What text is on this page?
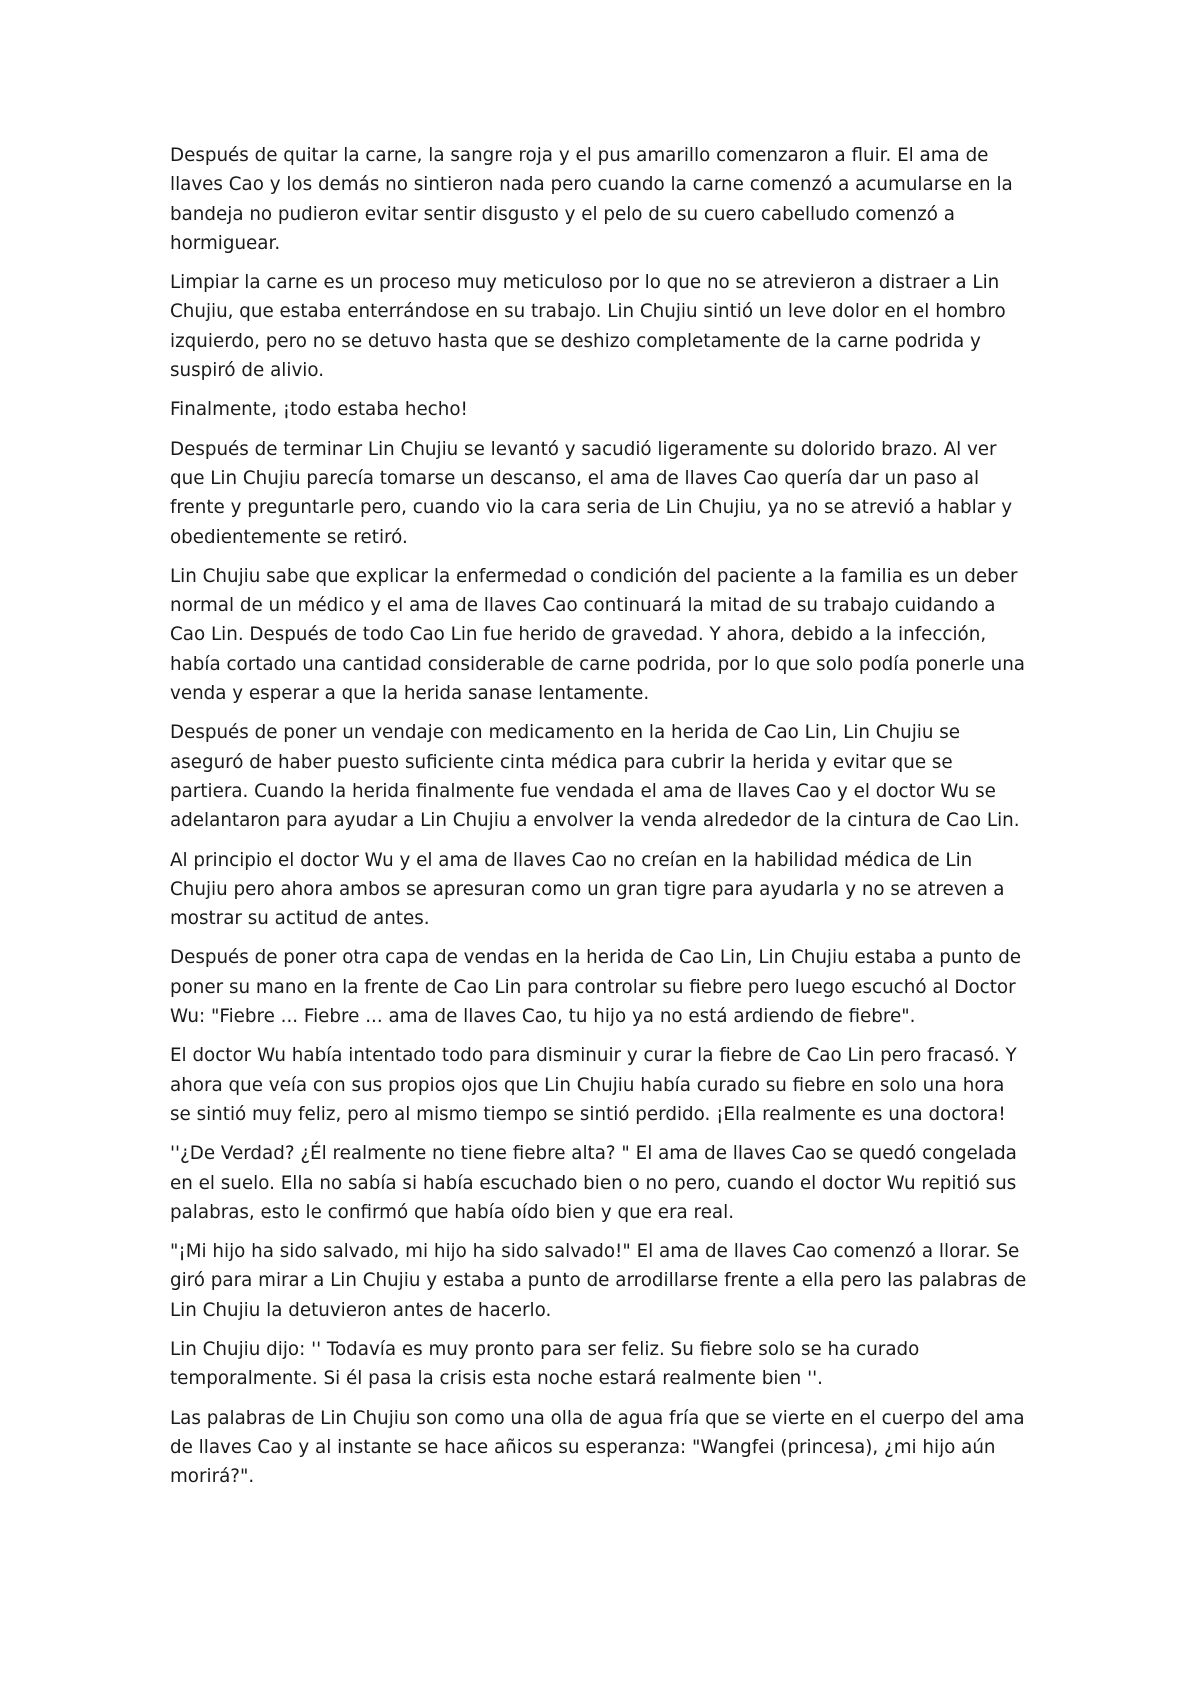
Después de quitar la carne, la sangre roja y el pus amarillo comenzaron a fluir. El ama de llaves Cao y los demás no sintieron nada pero cuando la carne comenzó a acumularse en la bandeja no pudieron evitar sentir disgusto y el pelo de su cuero cabelludo comenzó a hormiguear.

Limpiar la carne es un proceso muy meticuloso por lo que no se atrevieron a distraer a Lin Chujiu, que estaba enterrándose en su trabajo. Lin Chujiu sintió un leve dolor en el hombro izquierdo, pero no se detuvo hasta que se deshizo completamente de la carne podrida y suspiró de alivio.

Finalmente, ¡todo estaba hecho!

Después de terminar Lin Chujiu se levantó y sacudió ligeramente su dolorido brazo. Al ver que Lin Chujiu parecía tomarse un descanso, el ama de llaves Cao quería dar un paso al frente y preguntarle pero, cuando vio la cara seria de Lin Chujiu, ya no se atrevió a hablar y obedientemente se retiró.

Lin Chujiu sabe que explicar la enfermedad o condición del paciente a la familia es un deber normal de un médico y el ama de llaves Cao continuará la mitad de su trabajo cuidando a Cao Lin. Después de todo Cao Lin fue herido de gravedad. Y ahora, debido a la infección, había cortado una cantidad considerable de carne podrida, por lo que solo podía ponerle una venda y esperar a que la herida sanase lentamente.

Después de poner un vendaje con medicamento en la herida de Cao Lin, Lin Chujiu se aseguró de haber puesto suficiente cinta médica para cubrir la herida y evitar que se partiera. Cuando la herida finalmente fue vendada el ama de llaves Cao y el doctor Wu se adelantaron para ayudar a Lin Chujiu a envolver la venda alrededor de la cintura de Cao Lin.

Al principio el doctor Wu y el ama de llaves Cao no creían en la habilidad médica de Lin Chujiu pero ahora ambos se apresuran como un gran tigre para ayudarla y no se atreven a mostrar su actitud de antes.

Después de poner otra capa de vendas en la herida de Cao Lin, Lin Chujiu estaba a punto de poner su mano en la frente de Cao Lin para controlar su fiebre pero luego escuchó al Doctor Wu: "Fiebre ... Fiebre ... ama de llaves Cao, tu hijo ya no está ardiendo de fiebre".

El doctor Wu había intentado todo para disminuir y curar la fiebre de Cao Lin pero fracasó. Y ahora que veía con sus propios ojos que Lin Chujiu había curado su fiebre en solo una hora se sintió muy feliz, pero al mismo tiempo se sintió perdido. ¡Ella realmente es una doctora!

''¿De Verdad? ¿Él realmente no tiene fiebre alta? " El ama de llaves Cao se quedó congelada en el suelo. Ella no sabía si había escuchado bien o no pero, cuando el doctor Wu repitió sus palabras, esto le confirmó que había oído bien y que era real.

"¡Mi hijo ha sido salvado, mi hijo ha sido salvado!" El ama de llaves Cao comenzó a llorar. Se giró para mirar a Lin Chujiu y estaba a punto de arrodillarse frente a ella pero las palabras de Lin Chujiu la detuvieron antes de hacerlo.

Lin Chujiu dijo: '' Todavía es muy pronto para ser feliz. Su fiebre solo se ha curado temporalmente. Si él pasa la crisis esta noche estará realmente bien ''.

Las palabras de Lin Chujiu son como una olla de agua fría que se vierte en el cuerpo del ama de llaves Cao y al instante se hace añicos su esperanza: "Wangfei (princesa), ¿mi hijo aún morirá?".
